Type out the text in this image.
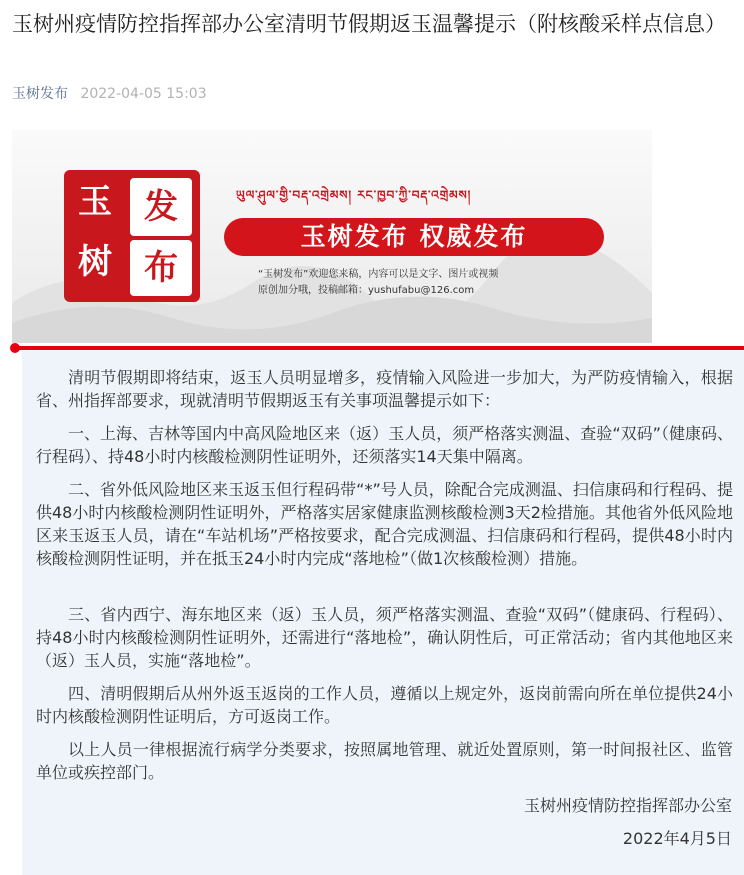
玉树州疫情防控指挥部办公室清明节假期返玉温馨提示（附核酸采样点信息）
玉树发布 2022-04-05 15:03
玉 发
树 布
ཡུལ་ཤུལ་གྱི་བརྡ་འགྲེམས། རང་ཁྱབ་ཀྱི་བརྡ་འགྲེམས།
玉树发布 权威发布
“玉树发布”欢迎您来稿，内容可以是文字、图片或视频
原创加分哦，投稿邮箱：yushufabu@126.com

清明节假期即将结束，返玉人员明显增多，疫情输入风险进一步加大，为严防疫情输入，根据省、州指挥部要求，现就清明节假期返玉有关事项温馨提示如下：

一、上海、吉林等国内中高风险地区来（返）玉人员，须严格落实测温、查验“双码”（健康码、行程码）、持48小时内核酸检测阴性证明外，还须落实14天集中隔离。

二、省外低风险地区来玉返玉但行程码带“*”号人员，除配合完成测温、扫信康码和行程码、提供48小时内核酸检测阴性证明外，严格落实居家健康监测核酸检测3天2检措施。其他省外低风险地区来玉返玉人员，请在“车站机场”严格按要求，配合完成测温、扫信康码和行程码，提供48小时内核酸检测阴性证明，并在抵玉24小时内完成“落地检”（做1次核酸检测）措施。

三、省内西宁、海东地区来（返）玉人员，须严格落实测温、查验“双码”（健康码、行程码）、持48小时内核酸检测阴性证明外，还需进行“落地检”，确认阴性后，可正常活动；省内其他地区来（返）玉人员，实施“落地检”。

四、清明假期后从州外返玉返岗的工作人员，遵循以上规定外，返岗前需向所在单位提供24小时内核酸检测阴性证明后，方可返岗工作。

以上人员一律根据流行病学分类要求，按照属地管理、就近处置原则，第一时间报社区、监管单位或疾控部门。

玉树州疫情防控指挥部办公室

2022年4月5日
